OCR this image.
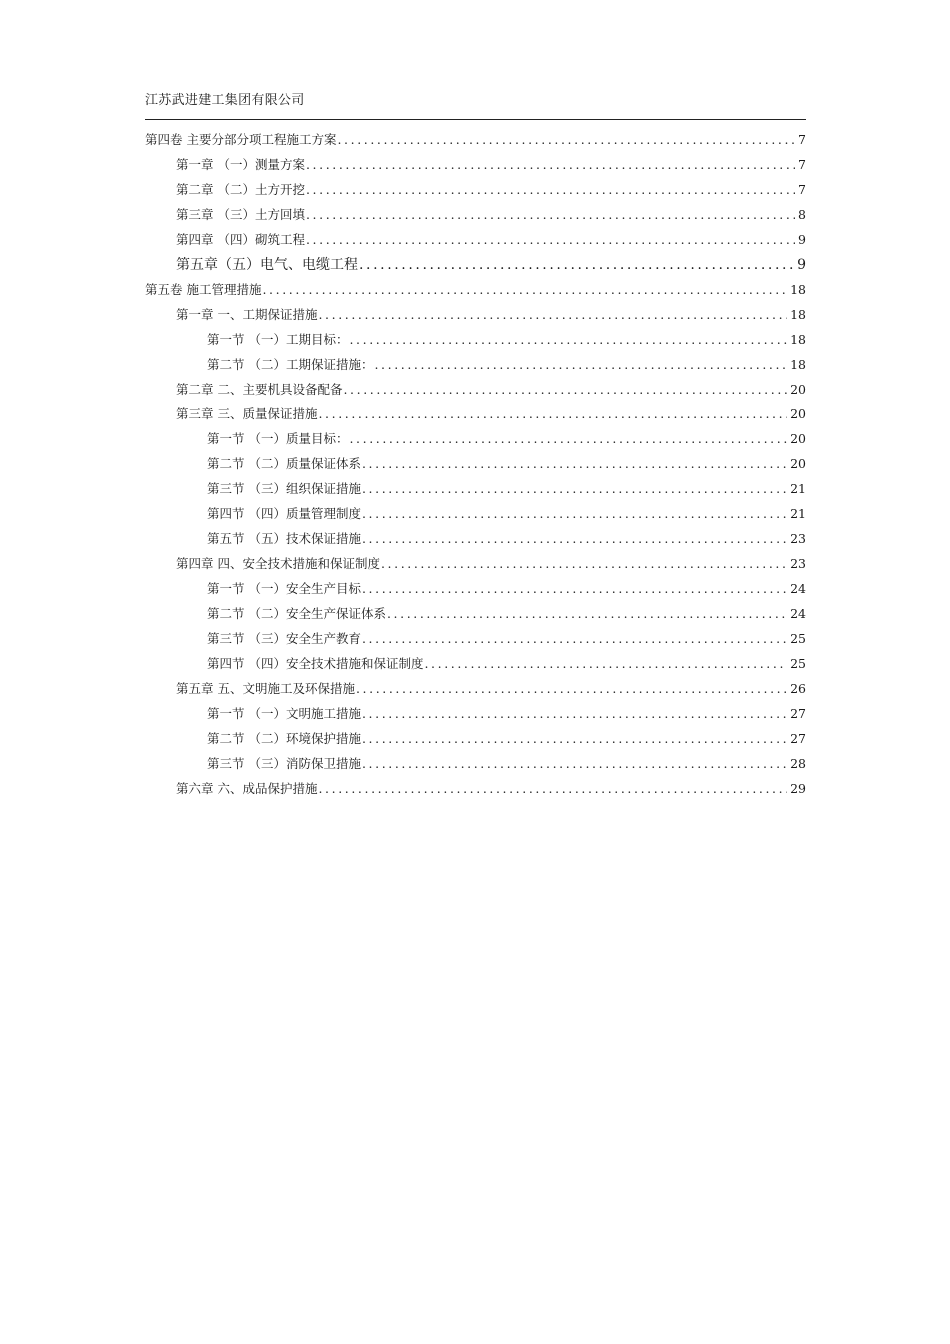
江苏武进建工集团有限公司
第四卷 主要分部分项工程施工方案 .....	7
第一章 （一）测量方案 .....	7
第二章 （二）土方开挖 .....	7
第三章 （三）土方回填 .....	8
第四章 （四）砌筑工程 .....	9
第五章（五）电气、电缆工程 .....	9
第五卷 施工管理措施 .....	18
第一章 一、工期保证措施 .....	18
第一节 （一）工期目标： .....	18
第二节 （二）工期保证措施： .....	18
第二章 二、主要机具设备配备 .....	20
第三章 三、质量保证措施 .....	20
第一节 （一）质量目标： .....	20
第二节 （二）质量保证体系 .....	20
第三节 （三）组织保证措施 .....	21
第四节 （四）质量管理制度 .....	21
第五节 （五）技术保证措施 .....	23
第四章 四、安全技术措施和保证制度 .....	23
第一节 （一）安全生产目标 .....	24
第二节 （二）安全生产保证体系 .....	24
第三节 （三）安全生产教育 .....	25
第四节 （四）安全技术措施和保证制度 .....	25
第五章 五、文明施工及环保措施 .....	26
第一节 （一）文明施工措施 .....	27
第二节 （二）环境保护措施 .....	27
第三节 （三）消防保卫措施 .....	28
第六章 六、成品保护措施 .....	29
